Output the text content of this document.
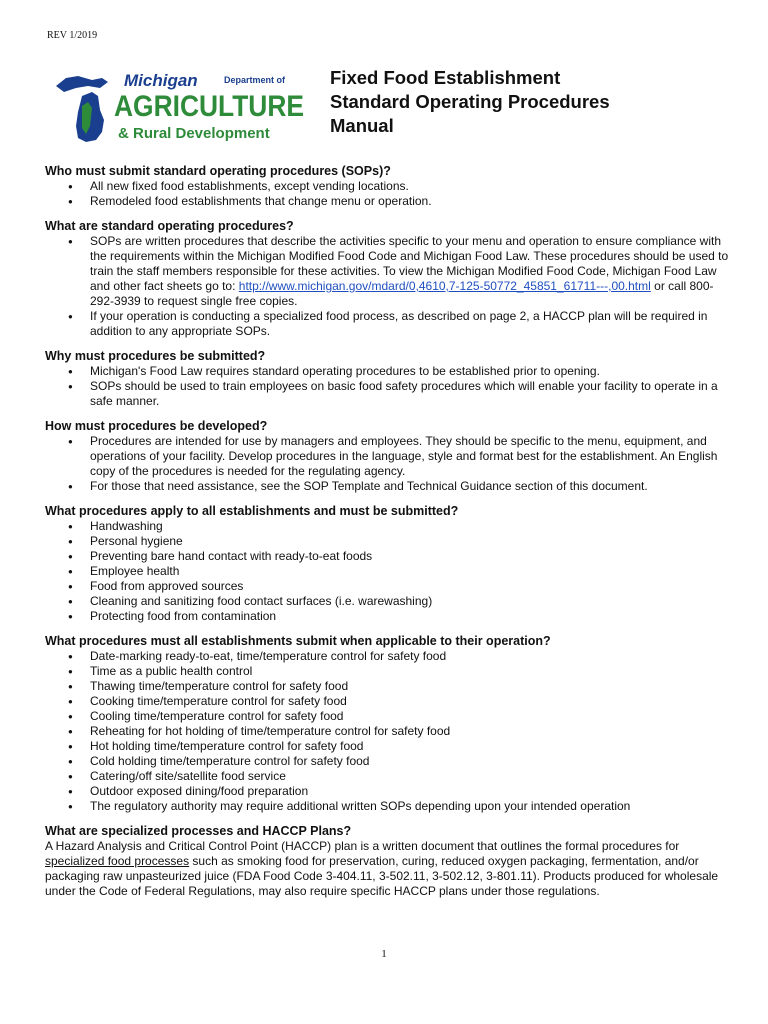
REV 1/2019
Michigan	Department of
AGRICULTURE
& Rural Development
Fixed Food Establishment
Standard Operating Procedures
Manual
Who must submit standard operating procedures (SOPs)?
● All new fixed food establishments, except vending locations.
● Remodeled food establishments that change menu or operation.
What are standard operating procedures?
● SOPs are written procedures that describe the activities specific to your menu and operation to ensure compliance with the requirements within the Michigan Modified Food Code and Michigan Food Law. These procedures should be used to train the staff members responsible for these activities. To view the Michigan Modified Food Code, Michigan Food Law and other fact sheets go to: http://www.michigan.gov/mdard/0,4610,7-125-50772_45851_61711---,00.html or call 800-292-3939 to request single free copies.
● If your operation is conducting a specialized food process, as described on page 2, a HACCP plan will be required in addition to any appropriate SOPs.
Why must procedures be submitted?
● Michigan's Food Law requires standard operating procedures to be established prior to opening.
● SOPs should be used to train employees on basic food safety procedures which will enable your facility to operate in a safe manner.
How must procedures be developed?
● Procedures are intended for use by managers and employees. They should be specific to the menu, equipment, and operations of your facility. Develop procedures in the language, style and format best for the establishment. An English copy of the procedures is needed for the regulating agency.
● For those that need assistance, see the SOP Template and Technical Guidance section of this document.
What procedures apply to all establishments and must be submitted?
● Handwashing
● Personal hygiene
● Preventing bare hand contact with ready-to-eat foods
● Employee health
● Food from approved sources
● Cleaning and sanitizing food contact surfaces (i.e. warewashing)
● Protecting food from contamination
What procedures must all establishments submit when applicable to their operation?
● Date-marking ready-to-eat, time/temperature control for safety food
● Time as a public health control
● Thawing time/temperature control for safety food
● Cooking time/temperature control for safety food
● Cooling time/temperature control for safety food
● Reheating for hot holding of time/temperature control for safety food
● Hot holding time/temperature control for safety food
● Cold holding time/temperature control for safety food
● Catering/off site/satellite food service
● Outdoor exposed dining/food preparation
● The regulatory authority may require additional written SOPs depending upon your intended operation
What are specialized processes and HACCP Plans?

A Hazard Analysis and Critical Control Point (HACCP) plan is a written document that outlines the formal procedures for specialized food processes such as smoking food for preservation, curing, reduced oxygen packaging, fermentation, and/or packaging raw unpasteurized juice (FDA Food Code 3-404.11, 3-502.11, 3-502.12, 3-801.11). Products produced for wholesale under the Code of Federal Regulations, may also require specific HACCP plans under those regulations.

1
